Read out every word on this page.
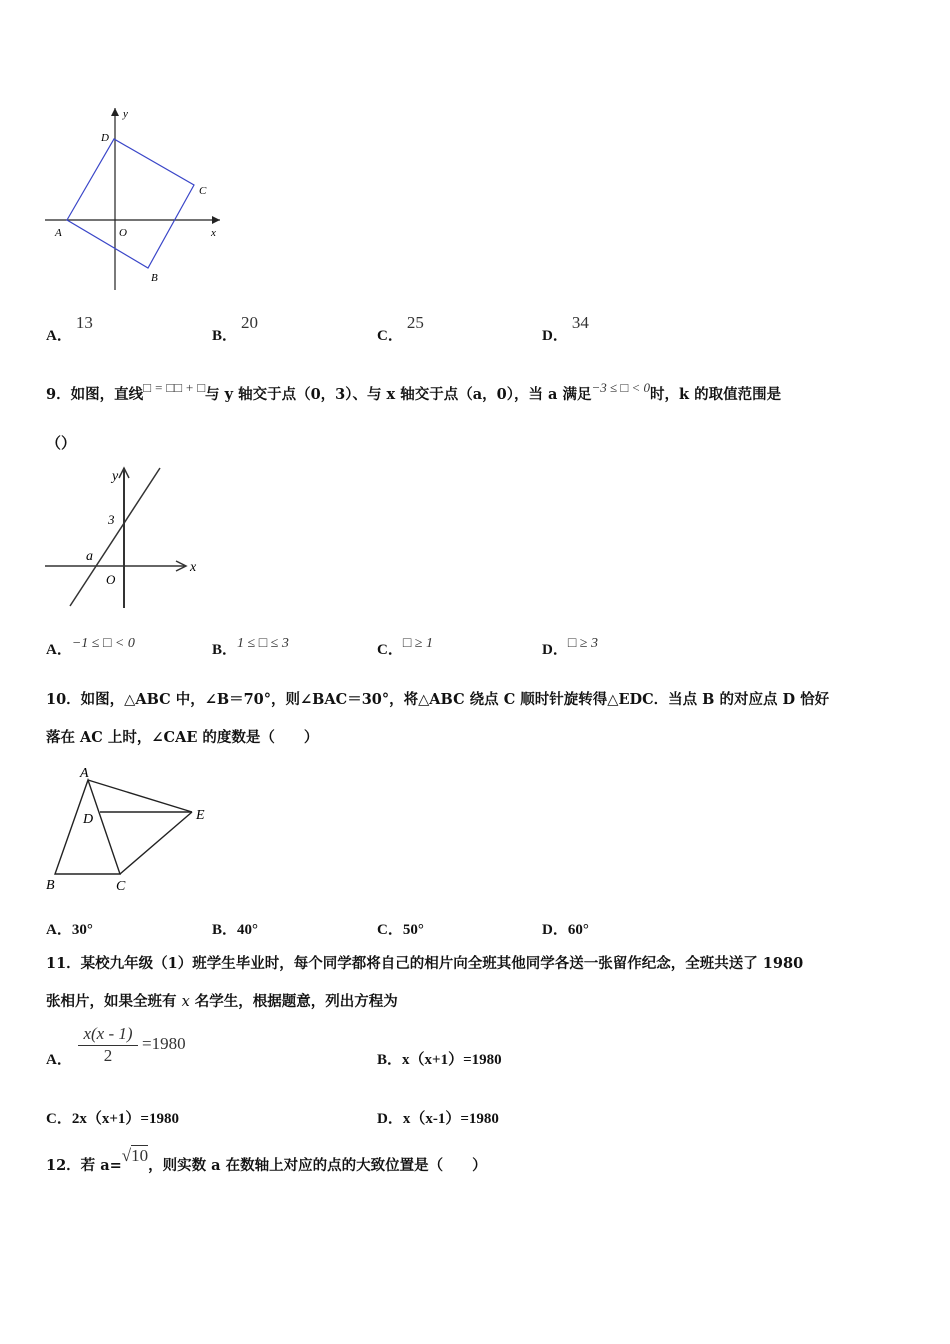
y
x
O
A
B
C
D
A．13
B．20
C．25
D．34
9．如图，直线□ = □□ + □与 y 轴交于点（0，3）、与 x 轴交于点（a，0），当 a 满足−3 ≤ □ < 0时，k 的取值范围是
（）
y
x
3
a
O
A．−1 ≤ □ < 0	B．1 ≤ □ ≤ 3	C．□ ≥ 1	D．□ ≥ 3
10．如图，△ABC 中，∠B＝70°，则∠BAC＝30°，将△ABC 绕点 C 顺时针旋转得△EDC．当点 B 的对应点 D 恰好
落在 AC 上时，∠CAE 的度数是（　　）
A
B	C
D	E
A．30°	B．40°	C．50°	D．60°
11．某校九年级（1）班学生毕业时，每个同学都将自己的相片向全班其他同学各送一张留作纪念，全班共送了 1980
张相片，如果全班有 x 名学生，根据题意，列出方程为
A．
x(x - 1)
2
=1980
B．x（x+1）=1980
C．2x（x+1）=1980	D．x（x-1）=1980
12．若 a=√10，则实数 a 在数轴上对应的点的大致位置是（　　）
